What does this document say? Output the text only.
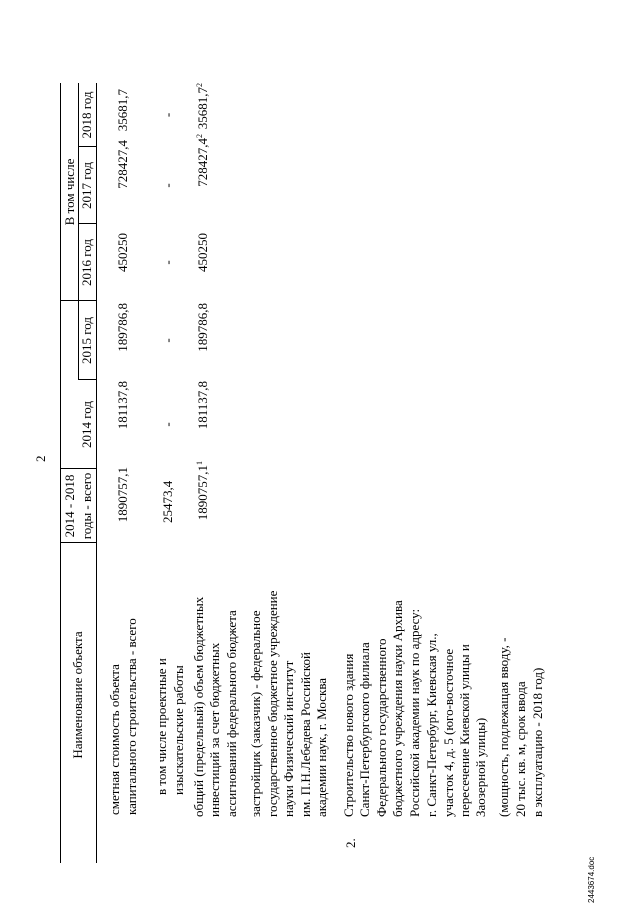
2
Наименование объекта
2014 - 2018 годы - всего
В том числе
2014 год
2015 год
2016 год
2017 год
2018 год
сметная стоимость объекта капитального строительства - всего
1890757,1
181137,8
189786,8
450250
728427,4
35681,7
в том числе проектные и изыскательские работы
25473,4
-
-
-
-
-
общий (предельный) объем бюджетных инвестиций за счет бюджетных ассигнований федерального бюджета застройщик (заказчик) - федеральное государственное бюджетное учреждение науки Физический институт им. П.Н.Лебедева Российской академии наук, г. Москва
1890757,1$^1$
181137,8
189786,8
450250
728427,4$^2$
35681,7$^2$
2.
Строительство нового здания Санкт-Петербургского филиала Федерального государственного бюджетного учреждения науки Архива Российской академии наук по адресу: г. Санкт-Петербург, Киевская ул., участок 4, д. 5 (юго-восточное пересечение Киевской улицы и Заозерной улицы) (мощность, подлежащая вводу, - 20 тыс. кв. м, срок ввода в эксплуатацию - 2018 год)
2443674.doc
